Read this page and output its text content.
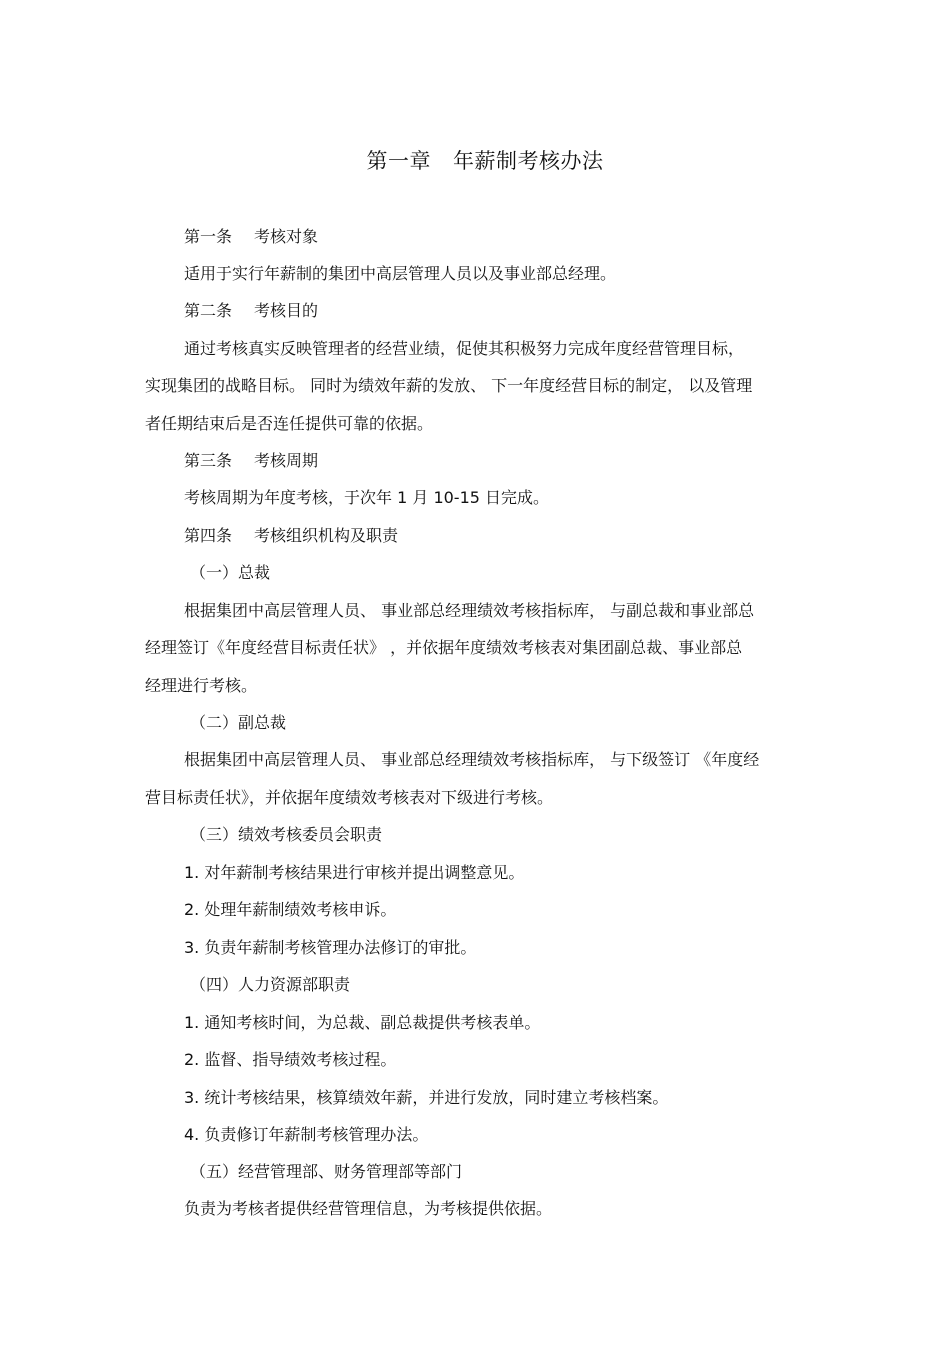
第一章 年薪制考核办法
第一条 考核对象
适用于实行年薪制的集团中高层管理人员以及事业部总经理。
第二条 考核目的
通过考核真实反映管理者的经营业绩，促使其积极努力完成年度经营管理目标，
实现集团的战略目标。 同时为绩效年薪的发放、 下一年度经营目标的制定， 以及管理
者任期结束后是否连任提供可靠的依据。
第三条 考核周期
考核周期为年度考核，于次年 1 月 10-15 日完成。
第四条 考核组织机构及职责
（一）总裁
根据集团中高层管理人员、 事业部总经理绩效考核指标库， 与副总裁和事业部总
经理签订《年度经营目标责任状》 ，并依据年度绩效考核表对集团副总裁、事业部总
经理进行考核。
（二）副总裁
根据集团中高层管理人员、 事业部总经理绩效考核指标库， 与下级签订 《年度经
营目标责任状》，并依据年度绩效考核表对下级进行考核。
（三）绩效考核委员会职责
1. 对年薪制考核结果进行审核并提出调整意见。
2. 处理年薪制绩效考核申诉。
3. 负责年薪制考核管理办法修订的审批。
（四）人力资源部职责
1. 通知考核时间，为总裁、副总裁提供考核表单。
2. 监督、指导绩效考核过程。
3. 统计考核结果，核算绩效年薪，并进行发放，同时建立考核档案。
4. 负责修订年薪制考核管理办法。
（五）经营管理部、财务管理部等部门
负责为考核者提供经营管理信息，为考核提供依据。
